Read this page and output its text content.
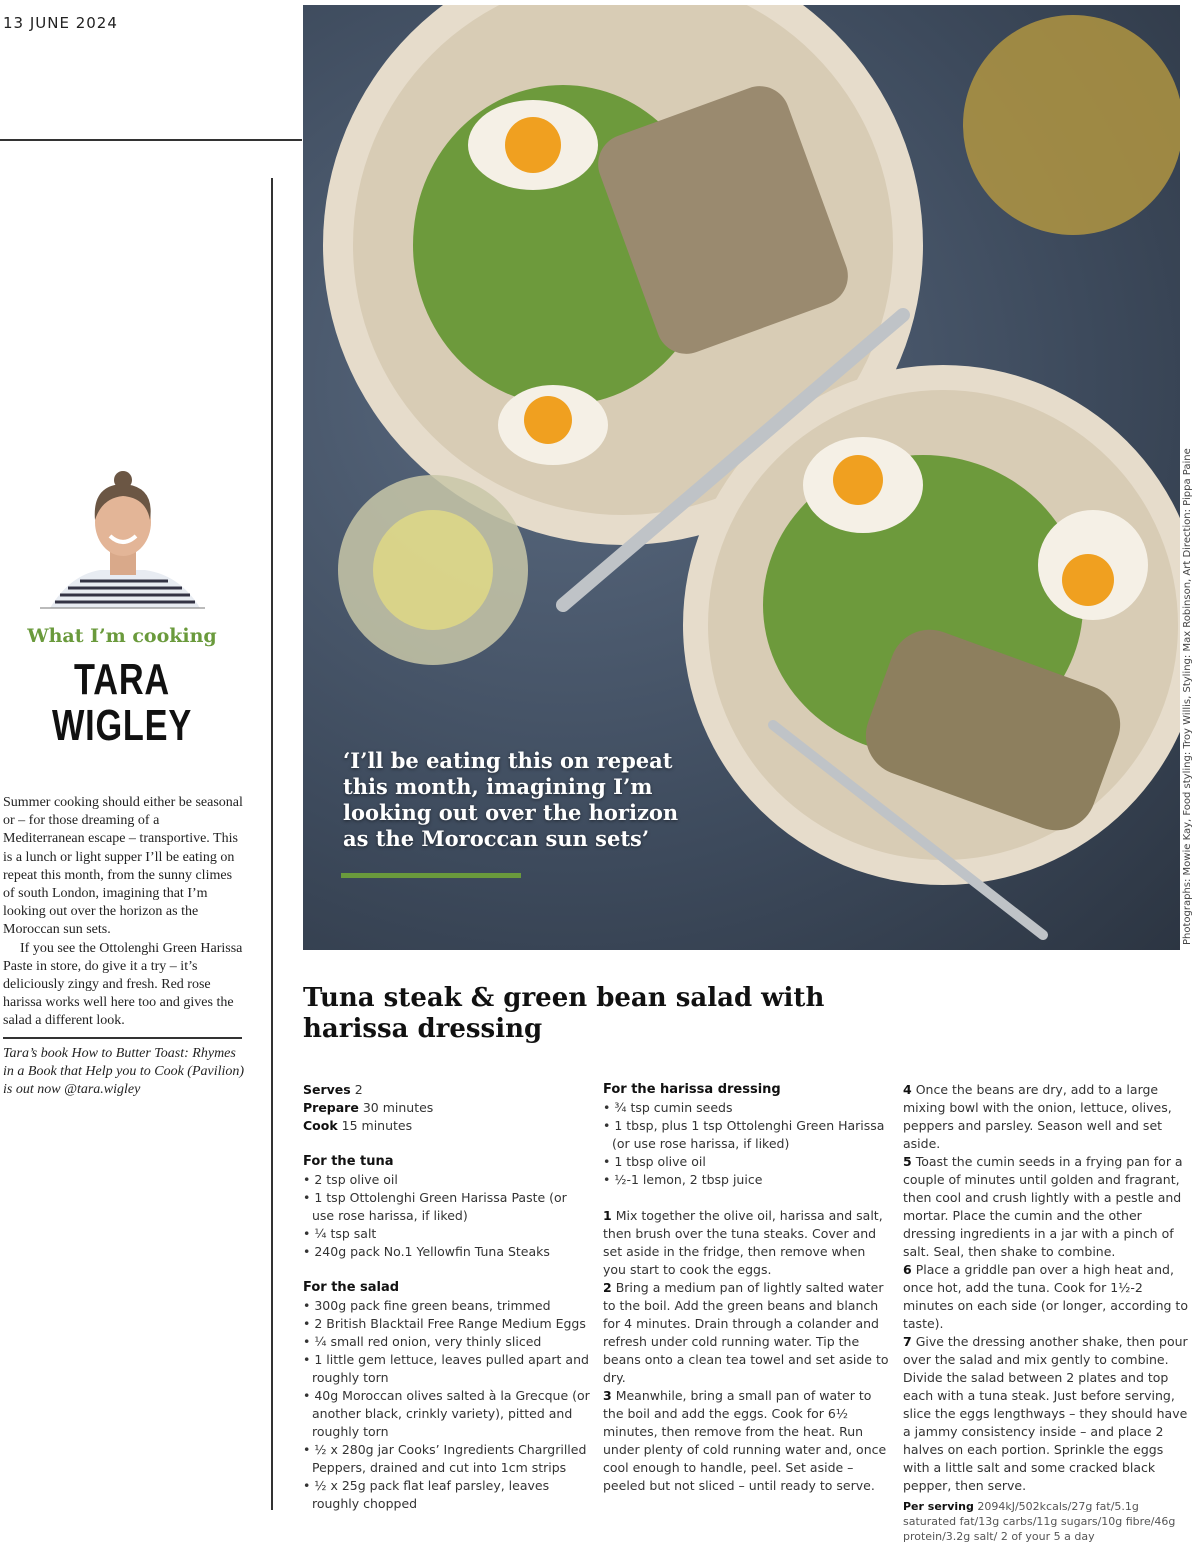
13 JUNE 2024
What I’m cooking
TARA
WIGLEY

Summer cooking should either be seasonal or – for those dreaming of a Mediterranean escape – transportive. This is a lunch or light supper I’ll be eating on repeat this month, from the sunny climes of south London, imagining that I’m looking out over the horizon as the Moroccan sun sets.

If you see the Ottolenghi Green Harissa Paste in store, do give it a try – it’s deliciously zingy and fresh. Red rose harissa works well here too and gives the salad a different look.

Tara’s book How to Butter Toast: Rhymes in a Book that Help you to Cook (Pavilion) is out now @tara.wigley
‘I’ll be eating this on repeat this month, imagining I’m looking out over the horizon as the Moroccan sun sets’	Photographs: Mowie Kay, Food styling: Troy Willis, Styling: Max Robinson, Art Direction: Pippa Paine
Tuna steak & green bean salad with harissa dressing
Serves 2
Prepare 30 minutes
Cook 15 minutes
For the tuna
• 2 tsp olive oil
• 1 tsp Ottolenghi Green Harissa Paste (or use rose harissa, if liked)
• ¼ tsp salt
• 240g pack No.1 Yellowfin Tuna Steaks
For the salad
• 300g pack fine green beans, trimmed
• 2 British Blacktail Free Range Medium Eggs
• ¼ small red onion, very thinly sliced
• 1 little gem lettuce, leaves pulled apart and roughly torn
• 40g Moroccan olives salted à la Grecque (or another black, crinkly variety), pitted and roughly torn
• ½ x 280g jar Cooks’ Ingredients Chargrilled Peppers, drained and cut into 1cm strips
• ½ x 25g pack flat leaf parsley, leaves roughly chopped
For the harissa dressing
• ¾ tsp cumin seeds
• 1 tbsp, plus 1 tsp Ottolenghi Green Harissa (or use rose harissa, if liked)
• 1 tbsp olive oil
• ½-1 lemon, 2 tbsp juice
1 Mix together the olive oil, harissa and salt, then brush over the tuna steaks. Cover and set aside in the fridge, then remove when you start to cook the eggs.
2 Bring a medium pan of lightly salted water to the boil. Add the green beans and blanch for 4 minutes. Drain through a colander and refresh under cold running water. Tip the beans onto a clean tea towel and set aside to dry.
3 Meanwhile, bring a small pan of water to the boil and add the eggs. Cook for 6½ minutes, then remove from the heat. Run under plenty of cold running water and, once cool enough to handle, peel. Set aside – peeled but not sliced – until ready to serve.
4 Once the beans are dry, add to a large mixing bowl with the onion, lettuce, olives, peppers and parsley. Season well and set aside.
5 Toast the cumin seeds in a frying pan for a couple of minutes until golden and fragrant, then cool and crush lightly with a pestle and mortar. Place the cumin and the other dressing ingredients in a jar with a pinch of salt. Seal, then shake to combine.
6 Place a griddle pan over a high heat and, once hot, add the tuna. Cook for 1½-2 minutes on each side (or longer, according to taste).
7 Give the dressing another shake, then pour over the salad and mix gently to combine. Divide the salad between 2 plates and top each with a tuna steak. Just before serving, slice the eggs lengthways – they should have a jammy consistency inside – and place 2 halves on each portion. Sprinkle the eggs with a little salt and some cracked black pepper, then serve.
Per serving 2094kJ/502kcals/27g fat/5.1g saturated fat/13g carbs/11g sugars/10g fibre/46g protein/3.2g salt/ 2 of your 5 a day
